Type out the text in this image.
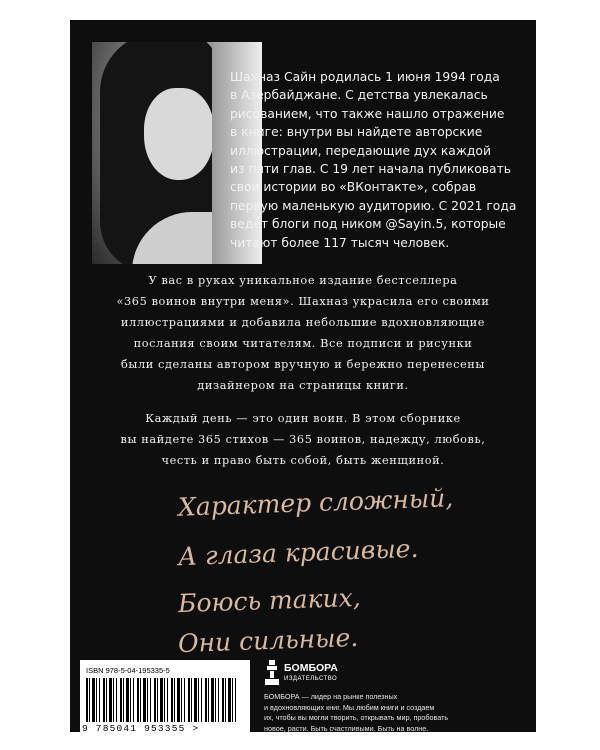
Шахназ Сайн родилась 1 июня 1994 года
в Азербайджане. С детства увлекалась
рисованием, что также нашло отражение
в книге: внутри вы найдете авторские
иллюстрации, передающие дух каждой
из пяти глав. С 19 лет начала публиковать
свои истории во «ВКонтакте», собрав
первую маленькую аудиторию. С 2021 года
ведет блоги под ником @Sayin.5, которые
читают более 117 тысяч человек.

У вас в руках уникальное издание бестселлера
«365 воинов внутри меня». Шахназ украсила его своими
иллюстрациями и добавила небольшие вдохновляющие
послания своим читателям. Все подписи и рисунки
были сделаны автором вручную и бережно перенесены
дизайнером на страницы книги.

Каждый день — это один воин. В этом сборнике
вы найдете 365 стихов — 365 воинов, надежду, любовь,
честь и право быть собой, быть женщиной.

Характер сложный,
А глаза красивые.
Боюсь таких,
Они сильные.
ISBN 978-5-04-195335-5
9 785041 953355 >
БОМБОРА
ИЗДАТЕЛЬСТВО

БОМБОРА — лидер на рынке полезных
и вдохновляющих книг. Мы любим книги и создаем
их, чтобы вы могли творить, открывать мир, пробовать
новое, расти. Быть счастливыми. Быть на волне.
